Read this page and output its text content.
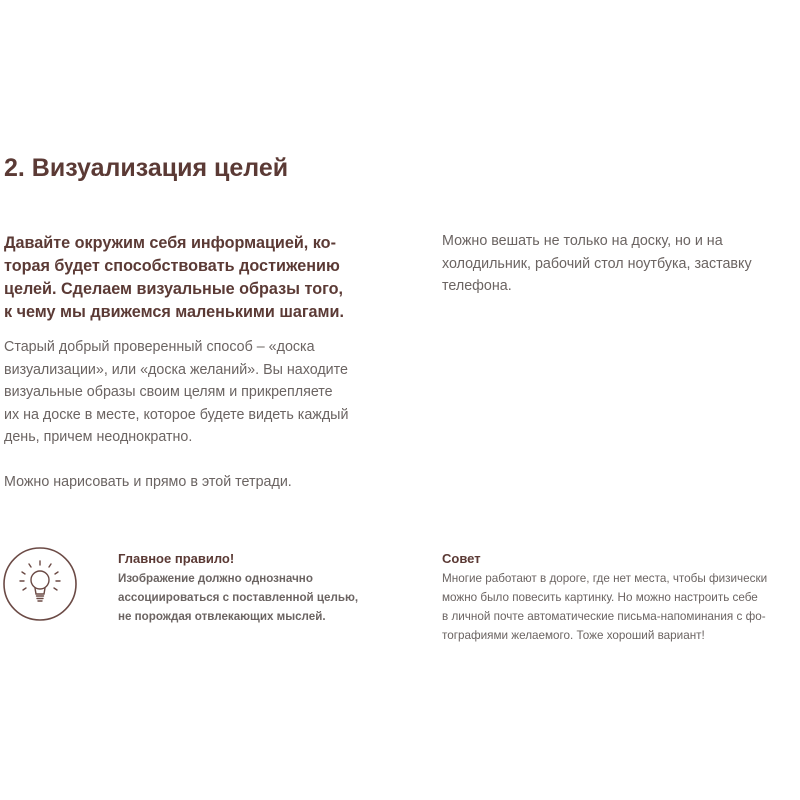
2. Визуализация целей
Давайте окружим себя информацией, ко-
торая будет способствовать достижению
целей. Сделаем визуальные образы того,
к чему мы движемся маленькими шагами.
Старый добрый проверенный способ – «доска
визуализации», или «доска желаний». Вы находите
визуальные образы своим целям и прикрепляете
их на доске в месте, которое будете видеть каждый
день, причем неоднократно.
Можно нарисовать и прямо в этой тетради.
Можно вешать не только на доску, но и на
холодильник, рабочий стол ноутбука, заставку
телефона.
Главное правило!
Изображение должно однозначно
ассоциироваться с поставленной целью,
не порождая отвлекающих мыслей.
Совет
Многие работают в дороге, где нет места, чтобы физически
можно было повесить картинку. Но можно настроить себе
в личной почте автоматические письма-напоминания с фо-
тографиями желаемого. Тоже хороший вариант!
